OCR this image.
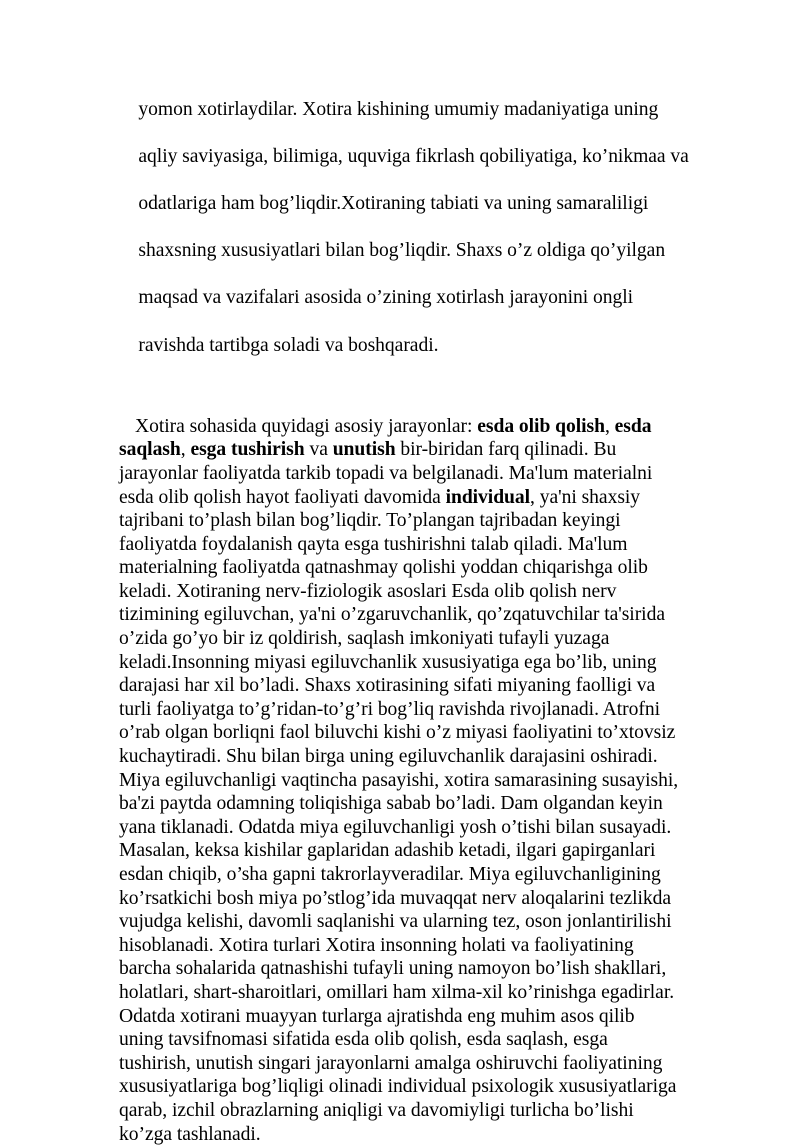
yomon xotirlaydilar. Xotira kishining umumiy madaniyatiga uning

aqliy saviyasiga, bilimiga, uquviga fikrlash qobiliyatiga, ko’nikmaa va

odatlariga ham bog’liqdir.Xotiraning tabiati va uning samaraliligi

shaxsning xususiyatlari bilan bog’liqdir. Shaxs o’z oldiga qo’yilgan

maqsad va vazifalari asosida o’zining xotirlash jarayonini ongli

ravishda tartibga soladi va boshqaradi.

Xotira sohasida quyidagi asosiy jarayonlar: esda olib qolish, esda
saqlash, esga tushirish va unutish bir-biridan farq qilinadi. Bu
jarayonlar faoliyatda tarkib topadi va belgilanadi. Ma'lum materialni
esda olib qolish hayot faoliyati davomida individual, ya'ni shaxsiy
tajribani to’plash bilan bog’liqdir. To’plangan tajribadan keyingi
faoliyatda foydalanish qayta esga tushirishni talab qiladi. Ma'lum
materialning faoliyatda qatnashmay qolishi yoddan chiqarishga olib
keladi. Xotiraning nerv-fiziologik asoslari Esda olib qolish nerv
tizimining egiluvchan, ya'ni o’zgaruvchanlik, qo’zqatuvchilar ta'sirida
o’zida go’yo bir iz qoldirish, saqlash imkoniyati tufayli yuzaga
keladi.Insonning miyasi egiluvchanlik xususiyatiga ega bo’lib, uning
darajasi har xil bo’ladi. Shaxs xotirasining sifati miyaning faolligi va
turli faoliyatga to’g’ridan-to’g’ri bog’liq ravishda rivojlanadi. Atrofni
o’rab olgan borliqni faol biluvchi kishi o’z miyasi faoliyatini to’xtovsiz
kuchaytiradi. Shu bilan birga uning egiluvchanlik darajasini oshiradi.
Miya egiluvchanligi vaqtincha pasayishi, xotira samarasining susayishi,
ba'zi paytda odamning toliqishiga sabab bo’ladi. Dam olgandan keyin
yana tiklanadi. Odatda miya egiluvchanligi yosh o’tishi bilan susayadi.
Masalan, keksa kishilar gaplaridan adashib ketadi, ilgari gapirganlari
esdan chiqib, o’sha gapni takrorlayveradilar. Miya egiluvchanligining
ko’rsatkichi bosh miya po’stlog’ida muvaqqat nerv aloqalarini tezlikda
vujudga kelishi, davomli saqlanishi va ularning tez, oson jonlantirilishi
hisoblanadi. Xotira turlari Xotira insonning holati va faoliyatining
barcha sohalarida qatnashishi tufayli uning namoyon bo’lish shakllari,
holatlari, shart-sharoitlari, omillari ham xilma-xil ko’rinishga egadirlar.
Odatda xotirani muayyan turlarga ajratishda eng muhim asos qilib
uning tavsifnomasi sifatida esda olib qolish, esda saqlash, esga
tushirish, unutish singari jarayonlarni amalga oshiruvchi faoliyatining
xususiyatlariga bog’liqligi olinadi individual psixologik xususiyatlariga
qarab, izchil obrazlarning aniqligi va davomiyligi turlicha bo’lishi
ko’zga tashlanadi.
